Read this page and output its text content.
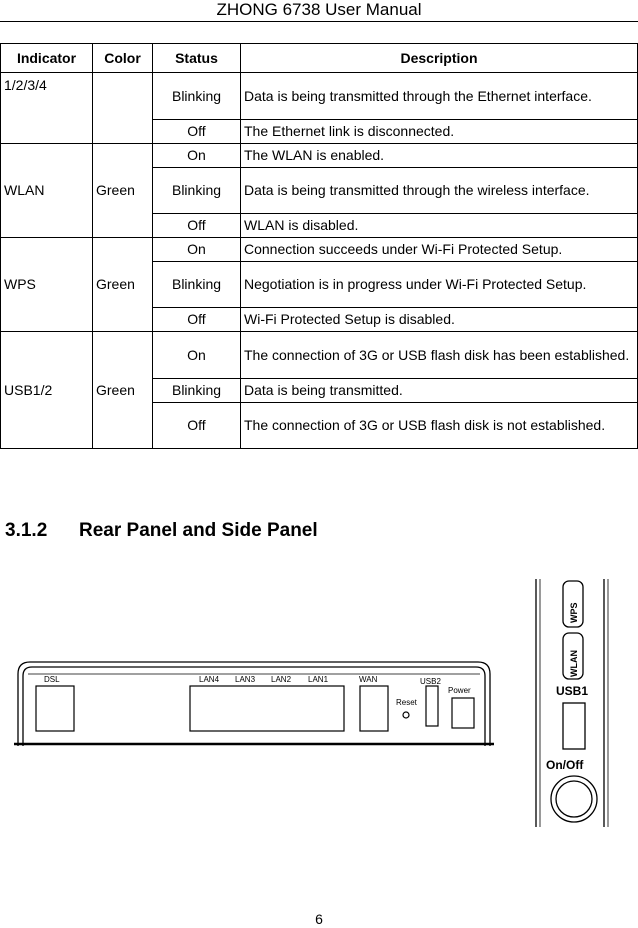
ZHONG 6738 User Manual
Indicator	Color	Status	Description
1/2/3/4		Blinking	Data is being transmitted through the Ethernet interface.
		Off	The Ethernet link is disconnected.
		On	The WLAN is enabled.
WLAN	Green	Blinking	Data is being transmitted through the wireless interface.
		Off	WLAN is disabled.
		On	Connection succeeds under Wi-Fi Protected Setup.
WPS	Green	Blinking	Negotiation is in progress under Wi-Fi Protected Setup.
		Off	Wi-Fi Protected Setup is disabled.
		On	The connection of 3G or USB flash disk has been established.
USB1/2	Green	Blinking	Data is being transmitted.
		Off	The connection of 3G or USB flash disk is not established.
3.1.2 Rear Panel and Side Panel
DSL	LAN4 LAN3 LAN2 LAN1	WAN	USB2
Reset
Power
WPS
WLAN
USB1
On/Off
6
